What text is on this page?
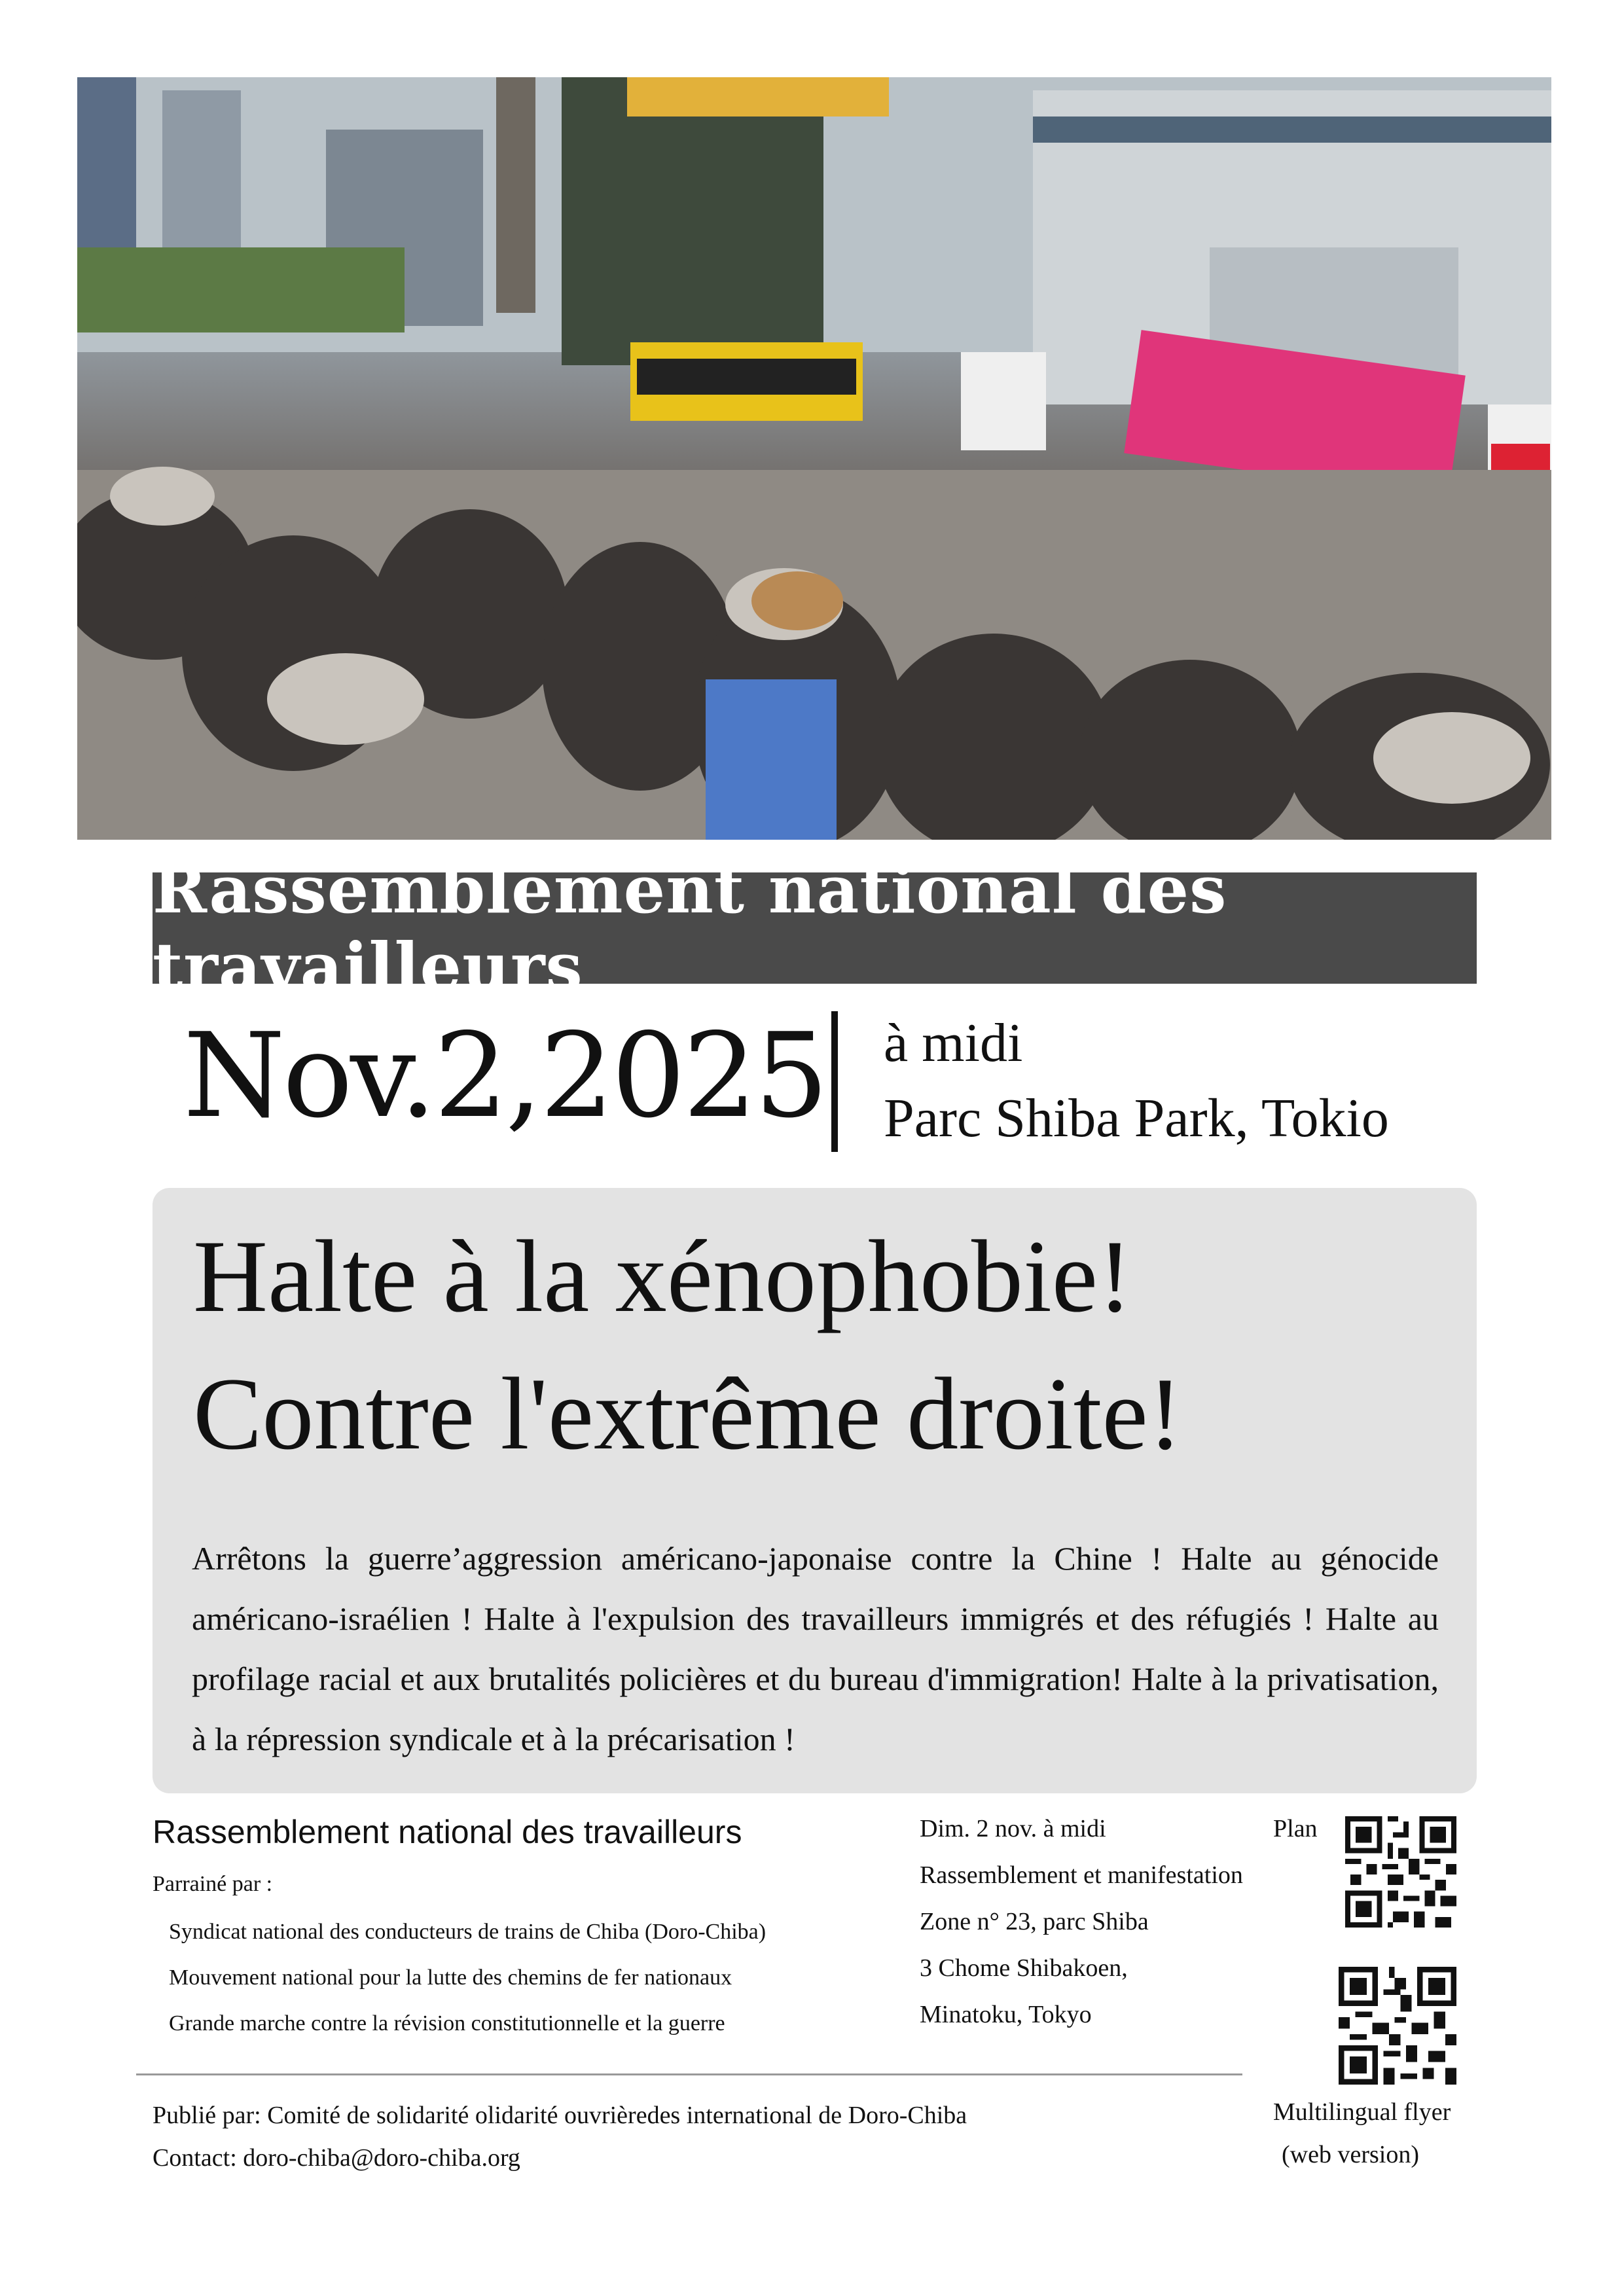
Rassemblement national des travailleurs
Nov.2,2025 à midi
Parc Shiba Park, Tokio
Halte à la xénophobie!
Contre l'extrême droite!
Arrêtons la guerre’aggression américano-japonaise contre la Chine ! Halte au génocide américano-israélien ! Halte à l'expulsion des travailleurs immigrés et des réfugiés ! Halte au profilage racial et aux brutalités policières et du bureau d'immigration! Halte à la privatisation, à la répression syndicale et à la précarisation !
Rassemblement national des travailleurs
Parrainé par :
Syndicat national des conducteurs de trains de Chiba (Doro-Chiba)
Mouvement national pour la lutte des chemins de fer nationaux
Grande marche contre la révision constitutionnelle et la guerre
Dim. 2 nov. à midi
Rassemblement et manifestation
Zone n° 23, parc Shiba
3 Chome Shibakoen,
Minatoku, Tokyo
Plan
Publié par: Comité de solidarité olidarité ouvrièredes international de Doro-Chiba
Contact: doro-chiba@doro-chiba.org
Multilingual flyer
(web version)
